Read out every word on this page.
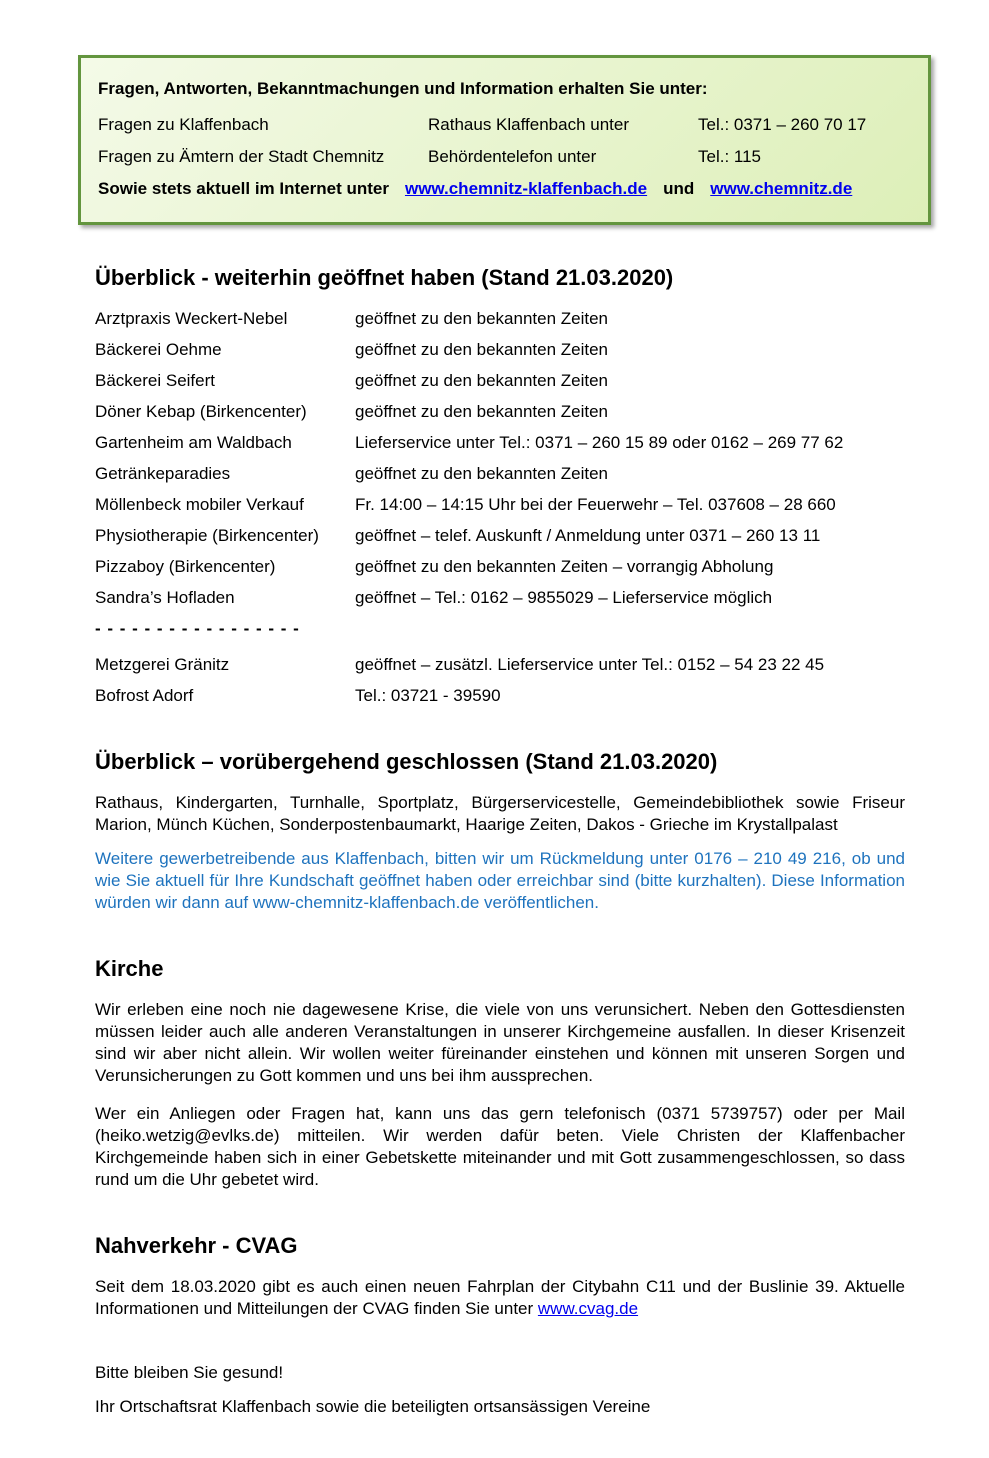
Fragen, Antworten, Bekanntmachungen und Information erhalten Sie unter:

Fragen zu Klaffenbach	Rathaus Klaffenbach unter	Tel.: 0371 – 260 70 17
Fragen zu Ämtern der Stadt Chemnitz	Behördentelefon unter	Tel.: 115
Sowie stets aktuell im Internet unter www.chemnitz-klaffenbach.de und www.chemnitz.de
Überblick - weiterhin geöffnet haben (Stand 21.03.2020)
Arztpraxis Weckert-Nebel	geöffnet zu den bekannten Zeiten
Bäckerei Oehme	geöffnet zu den bekannten Zeiten
Bäckerei Seifert	geöffnet zu den bekannten Zeiten
Döner Kebap (Birkencenter)	geöffnet zu den bekannten Zeiten
Gartenheim am Waldbach	Lieferservice unter Tel.: 0371 – 260 15 89 oder 0162 – 269 77 62
Getränkeparadies	geöffnet zu den bekannten Zeiten
Möllenbeck mobiler Verkauf	Fr. 14:00 – 14:15 Uhr bei der Feuerwehr – Tel. 037608 – 28 660
Physiotherapie (Birkencenter)	geöffnet – telef. Auskunft / Anmeldung unter 0371 – 260 13 11
Pizzaboy (Birkencenter)	geöffnet zu den bekannten Zeiten – vorrangig Abholung
Sandra’s Hofladen	geöffnet – Tel.: 0162 – 9855029 – Lieferservice möglich
- - - - - - - - - - - - - - - - -
Metzgerei Gränitz	geöffnet – zusätzl. Lieferservice unter Tel.: 0152 – 54 23 22 45
Bofrost Adorf	Tel.: 03721 - 39590
Überblick – vorübergehend geschlossen (Stand 21.03.2020)

Rathaus, Kindergarten, Turnhalle, Sportplatz, Bürgerservicestelle, Gemeindebibliothek sowie Friseur Marion, Münch Küchen, Sonderpostenbaumarkt, Haarige Zeiten, Dakos - Grieche im Krystallpalast

Weitere gewerbetreibende aus Klaffenbach, bitten wir um Rückmeldung unter 0176 – 210 49 216, ob und wie Sie aktuell für Ihre Kundschaft geöffnet haben oder erreichbar sind (bitte kurzhalten). Diese Information würden wir dann auf www-chemnitz-klaffenbach.de veröffentlichen.

Kirche

Wir erleben eine noch nie dagewesene Krise, die viele von uns verunsichert. Neben den Gottesdiensten müssen leider auch alle anderen Veranstaltungen in unserer Kirchgemeine ausfallen. In dieser Krisenzeit sind wir aber nicht allein. Wir wollen weiter füreinander einstehen und können mit unseren Sorgen und Verunsicherungen zu Gott kommen und uns bei ihm aussprechen.

Wer ein Anliegen oder Fragen hat, kann uns das gern telefonisch (0371 5739757) oder per Mail (heiko.wetzig@evlks.de) mitteilen. Wir werden dafür beten. Viele Christen der Klaffenbacher Kirchgemeinde haben sich in einer Gebetskette miteinander und mit Gott zusammengeschlossen, so dass rund um die Uhr gebetet wird.

Nahverkehr - CVAG

Seit dem 18.03.2020 gibt es auch einen neuen Fahrplan der Citybahn C11 und der Buslinie 39. Aktuelle Informationen und Mitteilungen der CVAG finden Sie unter www.cvag.de

Bitte bleiben Sie gesund!

Ihr Ortschaftsrat Klaffenbach sowie die beteiligten ortsansässigen Vereine
